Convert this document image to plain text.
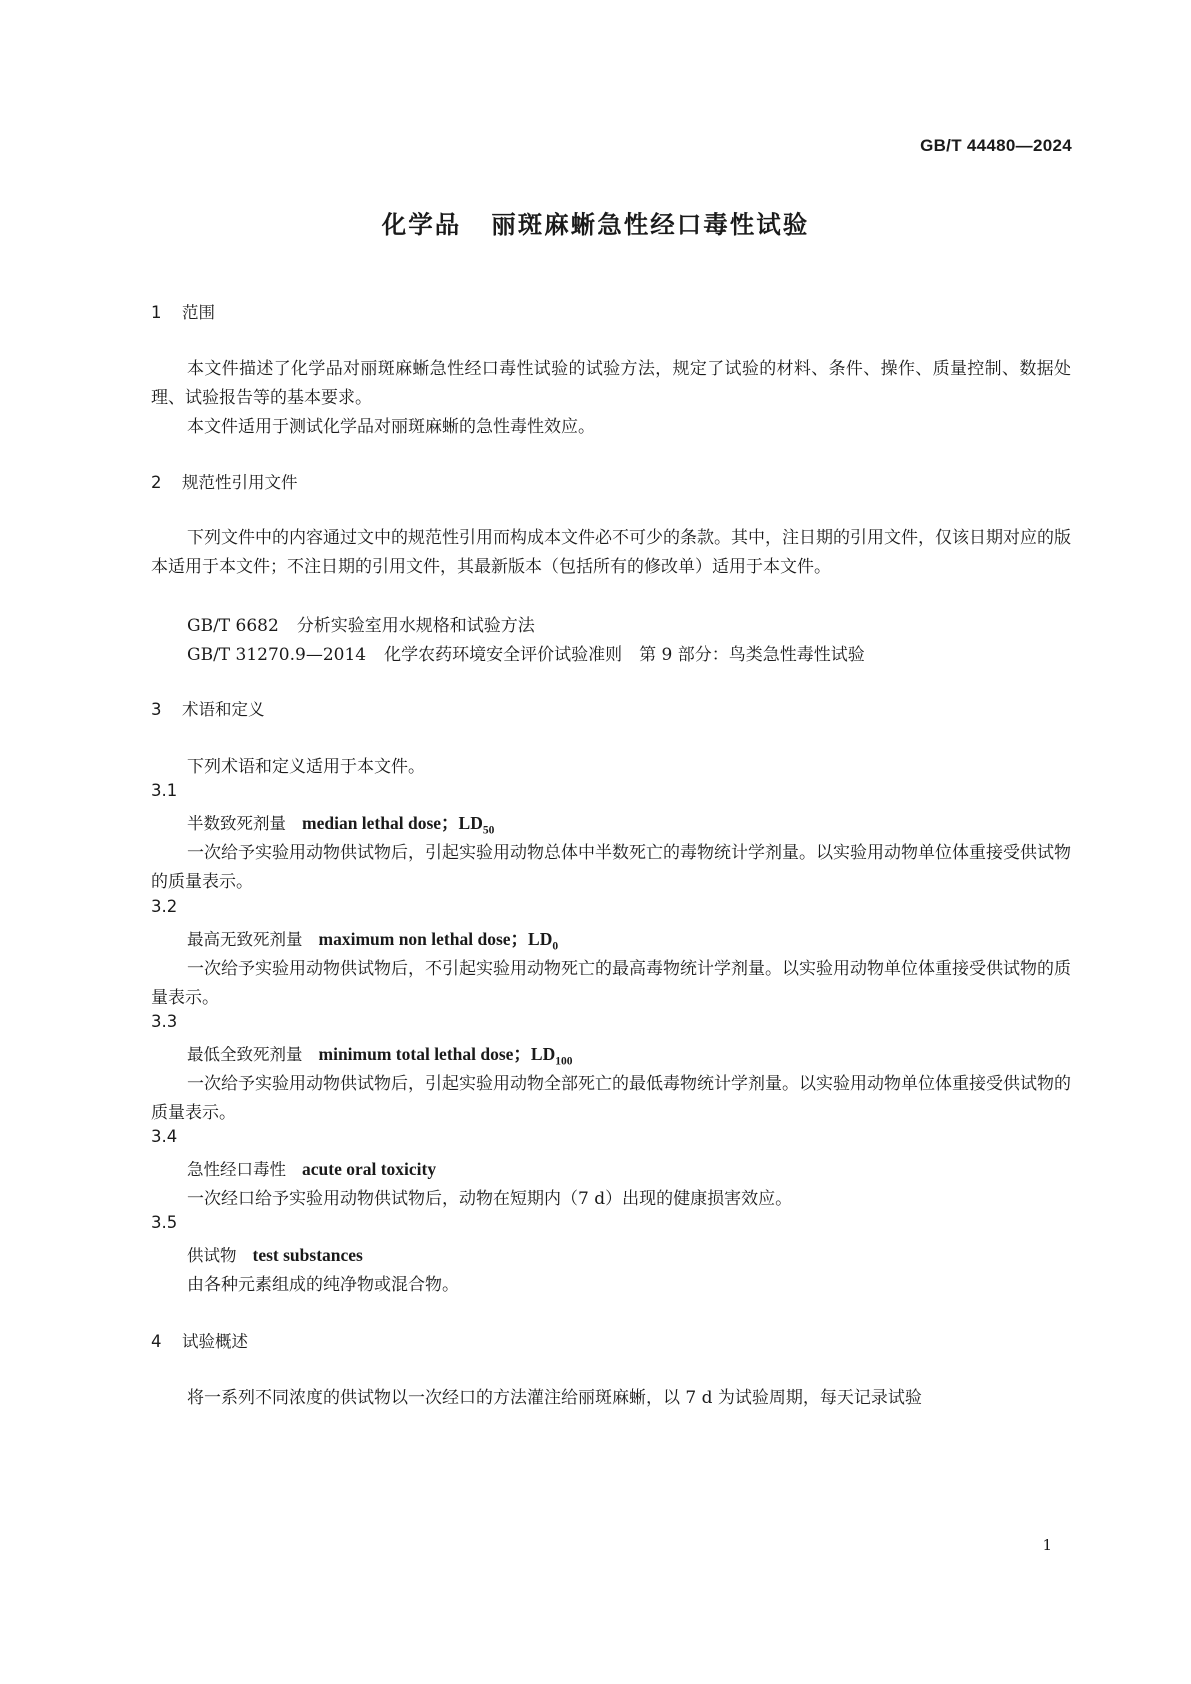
GB/T 44480—2024
化学品 丽斑麻蜥急性经口毒性试验
1 范围
本文件描述了化学品对丽斑麻蜥急性经口毒性试验的试验方法，规定了试验的材料、条件、操作、质量控制、数据处理、试验报告等的基本要求。
本文件适用于测试化学品对丽斑麻蜥的急性毒性效应。
2 规范性引用文件
下列文件中的内容通过文中的规范性引用而构成本文件必不可少的条款。其中，注日期的引用文件，仅该日期对应的版本适用于本文件；不注日期的引用文件，其最新版本（包括所有的修改单）适用于本文件。
GB/T 6682 分析实验室用水规格和试验方法
GB/T 31270.9—2014 化学农药环境安全评价试验准则　第 9 部分：鸟类急性毒性试验
3 术语和定义
下列术语和定义适用于本文件。
3.1
半数致死剂量 median lethal dose；$LD_{50}$
一次给予实验用动物供试物后，引起实验用动物总体中半数死亡的毒物统计学剂量。以实验用动物单位体重接受供试物的质量表示。
3.2
最高无致死剂量 maximum non lethal dose；$LD_0$
一次给予实验用动物供试物后，不引起实验用动物死亡的最高毒物统计学剂量。以实验用动物单位体重接受供试物的质量表示。
3.3
最低全致死剂量 minimum total lethal dose；$LD_{100}$
一次给予实验用动物供试物后，引起实验用动物全部死亡的最低毒物统计学剂量。以实验用动物单位体重接受供试物的质量表示。
3.4
急性经口毒性 acute oral toxicity
一次经口给予实验用动物供试物后，动物在短期内（7 d）出现的健康损害效应。
3.5
供试物 test substances
由各种元素组成的纯净物或混合物。
4 试验概述
将一系列不同浓度的供试物以一次经口的方法灌注给丽斑麻蜥，以 7 d 为试验周期，每天记录试验
1
